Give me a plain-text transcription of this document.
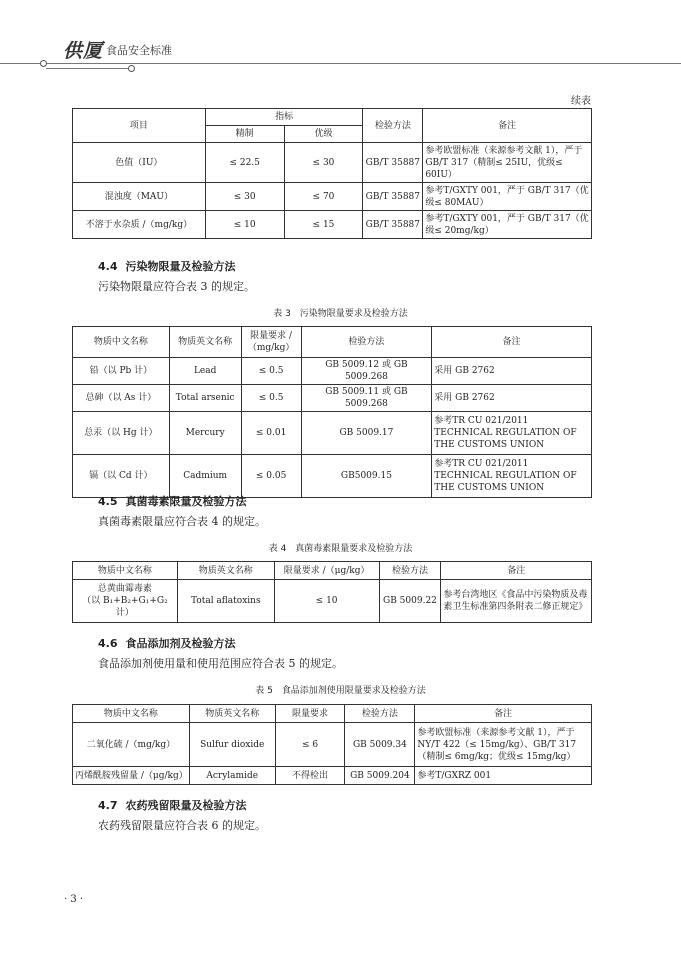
供厦 食品安全标准
续表
项目	指标		检验方法	备注
	精制	优级		
色值（IU）	≤ 22.5	≤ 30	GB/T 35887	参考欧盟标准（来源参考文献 1），严于 GB/T 317（精制≤ 25IU，优级≤ 60IU）
混浊度（MAU）	≤ 30	≤ 70	GB/T 35887	参考T/GXTY 001，严于 GB/T 317（优级≤ 80MAU）
不溶于水杂质 /（mg/kg）	≤ 10	≤ 15	GB/T 35887	参考T/GXTY 001，严于 GB/T 317（优级≤ 20mg/kg）
4.4 污染物限量及检验方法
污染物限量应符合表 3 的规定。
表 3　污染物限量要求及检验方法
物质中文名称	物质英文名称	限量要求 /（mg/kg）	检验方法	备注
铅（以 Pb 计）	Lead	≤ 0.5	GB 5009.12 或 GB 5009.268	采用 GB 2762
总砷（以 As 计）	Total arsenic	≤ 0.5	GB 5009.11 或 GB 5009.268	采用 GB 2762
总汞（以 Hg 计）	Mercury	≤ 0.01	GB 5009.17	参考TR CU 021/2011 TECHNICAL REGULATION OF THE CUSTOMS UNION
镉（以 Cd 计）	Cadmium	≤ 0.05	GB5009.15	参考TR CU 021/2011 TECHNICAL REGULATION OF THE CUSTOMS UNION
4.5 真菌毒素限量及检验方法
真菌毒素限量应符合表 4 的规定。
表 4　真菌毒素限量要求及检验方法
物质中文名称	物质英文名称	限量要求 /（μg/kg）	检验方法	备注

总黄曲霉毒素
（以 B₁+B₂+G₁+G₂ 计）	Total aflatoxins	≤ 10	GB 5009.22	参考台湾地区《食品中污染物质及毒素卫生标准第四条附表二修正规定》
4.6 食品添加剂及检验方法
食品添加剂使用量和使用范围应符合表 5 的规定。
表 5　食品添加剂使用限量要求及检验方法
物质中文名称	物质英文名称	限量要求	检验方法	备注
二氧化硫 /（mg/kg）	Sulfur dioxide	≤ 6	GB 5009.34	参考欧盟标准（来源参考文献 1），严于 NY/T 422（≤ 15mg/kg）、GB/T 317（精制≤ 6mg/kg；优级≤ 15mg/kg）
丙烯酰胺残留量 /（μg/kg）	Acrylamide	不得检出	GB 5009.204	参考T/GXRZ 001
4.7 农药残留限量及检验方法
农药残留限量应符合表 6 的规定。
· 3 ·
